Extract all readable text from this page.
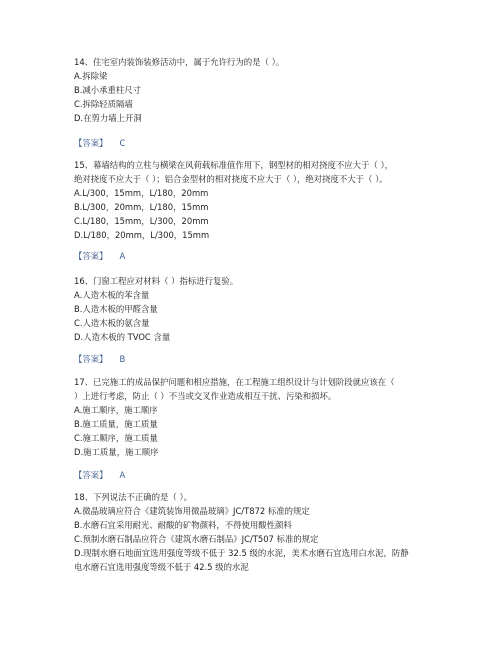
14、住宅室内装饰装修活动中，属于允许行为的是（ ）。
A.拆除梁
B.减小承重柱尺寸
C.拆除轻质隔墙
D.在剪力墙上开洞
【答案】 C
15、幕墙结构的立柱与横梁在风荷载标准值作用下，钢型材的相对挠度不应大于（ ），
绝对挠度不应大于（ ）；铝合金型材的相对挠度不应大于（ ），绝对挠度不大于（ ）。
A.L/300，15mm，L/180，20mm
B.L/300，20mm，L/180，15mm
C.L/180，15mm，L/300，20mm
D.L/180，20mm，L/300，15mm
【答案】 A
16、门窗工程应对材料（ ）指标进行复验。
A.人造木板的苯含量
B.人造木板的甲醛含量
C.人造木板的氨含量
D.人造木板的 TVOC 含量
【答案】 B
17、已完施工的成品保护问题和相应措施，在工程施工组织设计与计划阶段就应该在（
）上进行考虑，防止（ ）不当或交叉作业造成相互干扰、污染和损坏。
A.施工顺序，施工顺序
B.施工质量，施工质量
C.施工顺序，施工质量
D.施工质量，施工顺序
【答案】 A
18、下列说法不正确的是（ ）。
A.微晶玻璃应符合《建筑装饰用微晶玻璃》JC/T872 标准的规定
B.水磨石宜采用耐光、耐酸的矿物颜料，不得使用酸性颜料
C.预制水磨石制品应符合《建筑水磨石制品》JC/T507 标准的规定
D.现制水磨石地面宜选用强度等级不低于 32.5 级的水泥，美术水磨石宜选用白水泥，防静
电水磨石宜选用强度等级不低于 42.5 级的水泥
